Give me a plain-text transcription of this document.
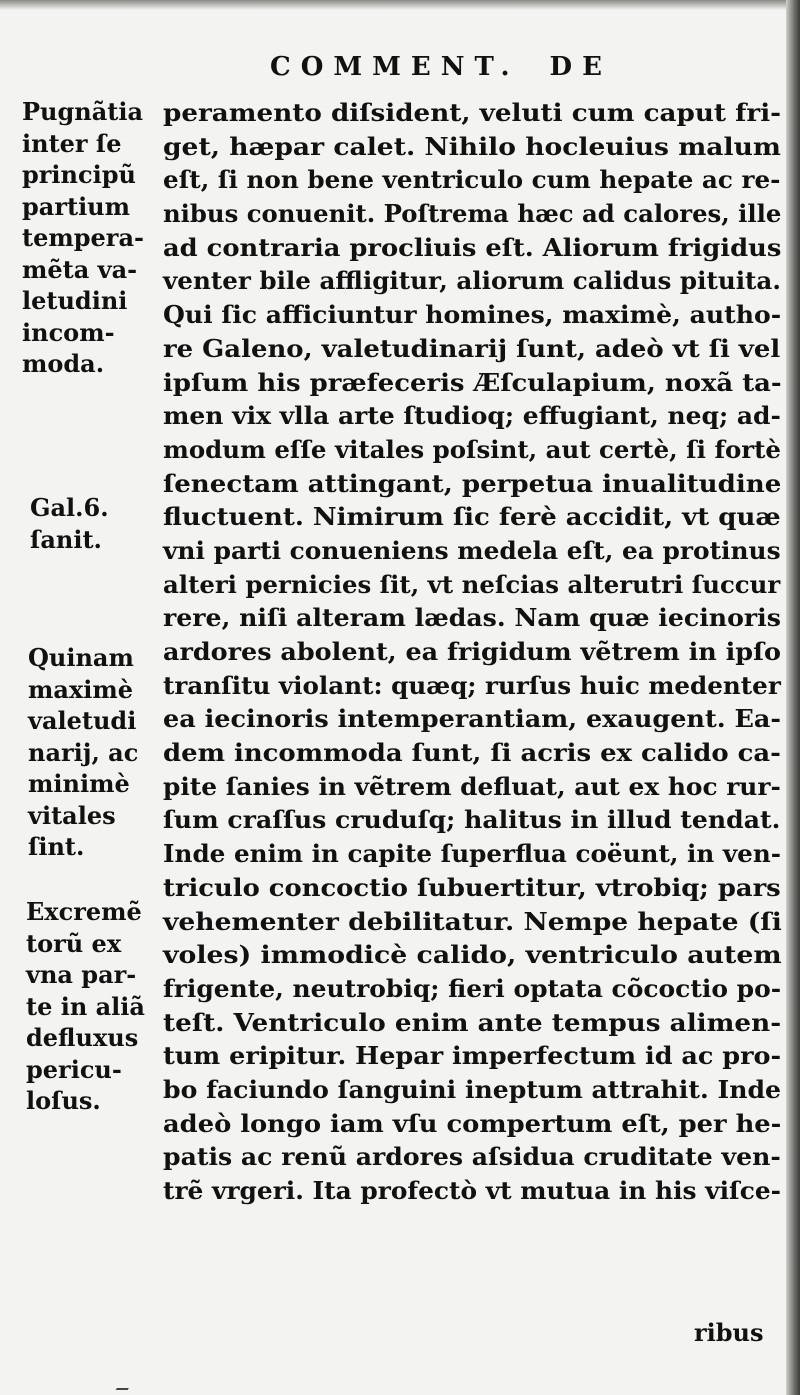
COMMENT. DE
Pugnãtia
inter ſe
principũ
partium
tempera-
mẽta va-
letudini
incom-
moda.
Gal.6.
ſanit.
Quinam
maximè
valetudi
narij, ac
minimè
vitales
ſint.
Excremẽ
torũ ex
vna par-
te in aliã
defluxus
pericu-
loſus.
peramento diſsident, veluti cum caput fri-
get, hæpar calet. Nihilo hocleuius malum
eſt, ſi non bene ventriculo cum hepate ac re-
nibus conuenit. Poſtrema hæc ad calores, ille
ad contraria procliuis eſt. Aliorum frigidus
venter bile affligitur, aliorum calidus pituita.
Qui ſic afficiuntur homines, maximè, autho-
re Galeno, valetudinarij ſunt, adeò vt ſi vel
ipſum his præfeceris Æſculapium, noxã ta-
men vix vlla arte ſtudioq; effugiant, neq; ad-
modum eſſe vitales poſsint, aut certè, ſi fortè
ſenectam attingant, perpetua inualitudine
fluctuent. Nimirum ſic ferè accidit, vt quæ
vni parti conueniens medela eſt, ea protinus
alteri pernicies ſit, vt neſcias alterutri ſuccur
rere, niſi alteram lædas. Nam quæ iecinoris
ardores abolent, ea frigidum vẽtrem in ipſo
tranſitu violant: quæq; rurſus huic medenter
ea iecinoris intemperantiam, exaugent. Ea-
dem incommoda ſunt, ſi acris ex calido ca-
pite ſanies in vẽtrem defluat, aut ex hoc rur-
ſum craſſus cruduſq; halitus in illud tendat.
Inde enim in capite ſuperflua coëunt, in ven-
triculo concoctio ſubuertitur, vtrobiq; pars
vehementer debilitatur. Nempe hepate (ſi
voles) immodicè calido, ventriculo autem
frigente, neutrobiq; fieri optata cõcoctio po-
teſt. Ventriculo enim ante tempus alimen-
tum eripitur. Hepar imperfectum id ac pro-
bo faciundo ſanguini ineptum attrahit. Inde
adeò longo iam vſu compertum eſt, per he-
patis ac renũ ardores aſsidua cruditate ven-
trẽ vrgeri. Ita profectò vt mutua in his viſce-
ribus
